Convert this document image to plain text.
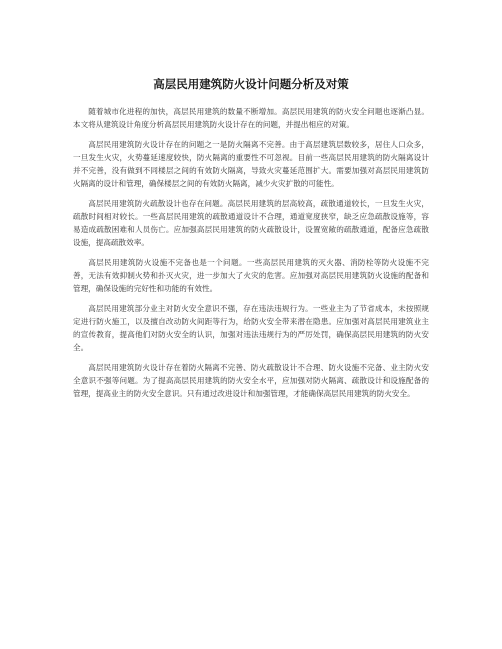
高层民用建筑防火设计问题分析及对策

随着城市化进程的加快，高层民用建筑的数量不断增加。高层民用建筑的防火安全问题也逐渐凸显。本文将从建筑设计角度分析高层民用建筑防火设计存在的问题，并提出相应的对策。

高层民用建筑防火设计存在的问题之一是防火隔离不完善。由于高层建筑层数较多，居住人口众多，一旦发生火灾，火势蔓延速度较快，防火隔离的重要性不可忽视。目前一些高层民用建筑的防火隔离设计并不完善，没有做到不同楼层之间的有效防火隔离，导致火灾蔓延范围扩大。需要加强对高层民用建筑防火隔离的设计和管理，确保楼层之间的有效防火隔离，减少火灾扩散的可能性。

高层民用建筑防火疏散设计也存在问题。高层民用建筑的层高较高，疏散通道较长，一旦发生火灾，疏散时间相对较长。一些高层民用建筑的疏散通道设计不合理，通道宽度狭窄，缺乏应急疏散设施等，容易造成疏散困难和人员伤亡。应加强高层民用建筑的防火疏散设计，设置宽敞的疏散通道，配备应急疏散设施，提高疏散效率。

高层民用建筑防火设施不完备也是一个问题。一些高层民用建筑的灭火器、消防栓等防火设施不完善，无法有效抑制火势和扑灭火灾，进一步加大了火灾的危害。应加强对高层民用建筑防火设施的配备和管理，确保设施的完好性和功能的有效性。

高层民用建筑部分业主对防火安全意识不强，存在违法违规行为。一些业主为了节省成本，未按照规定进行防火施工，以及擅自改动防火间距等行为，给防火安全带来潜在隐患。应加强对高层民用建筑业主的宣传教育，提高他们对防火安全的认识，加强对违法违规行为的严厉处罚，确保高层民用建筑的防火安全。

高层民用建筑防火设计存在着防火隔离不完善、防火疏散设计不合理、防火设施不完备、业主防火安全意识不强等问题。为了提高高层民用建筑的防火安全水平，应加强对防火隔离、疏散设计和设施配备的管理，提高业主的防火安全意识。只有通过改进设计和加强管理，才能确保高层民用建筑的防火安全。
